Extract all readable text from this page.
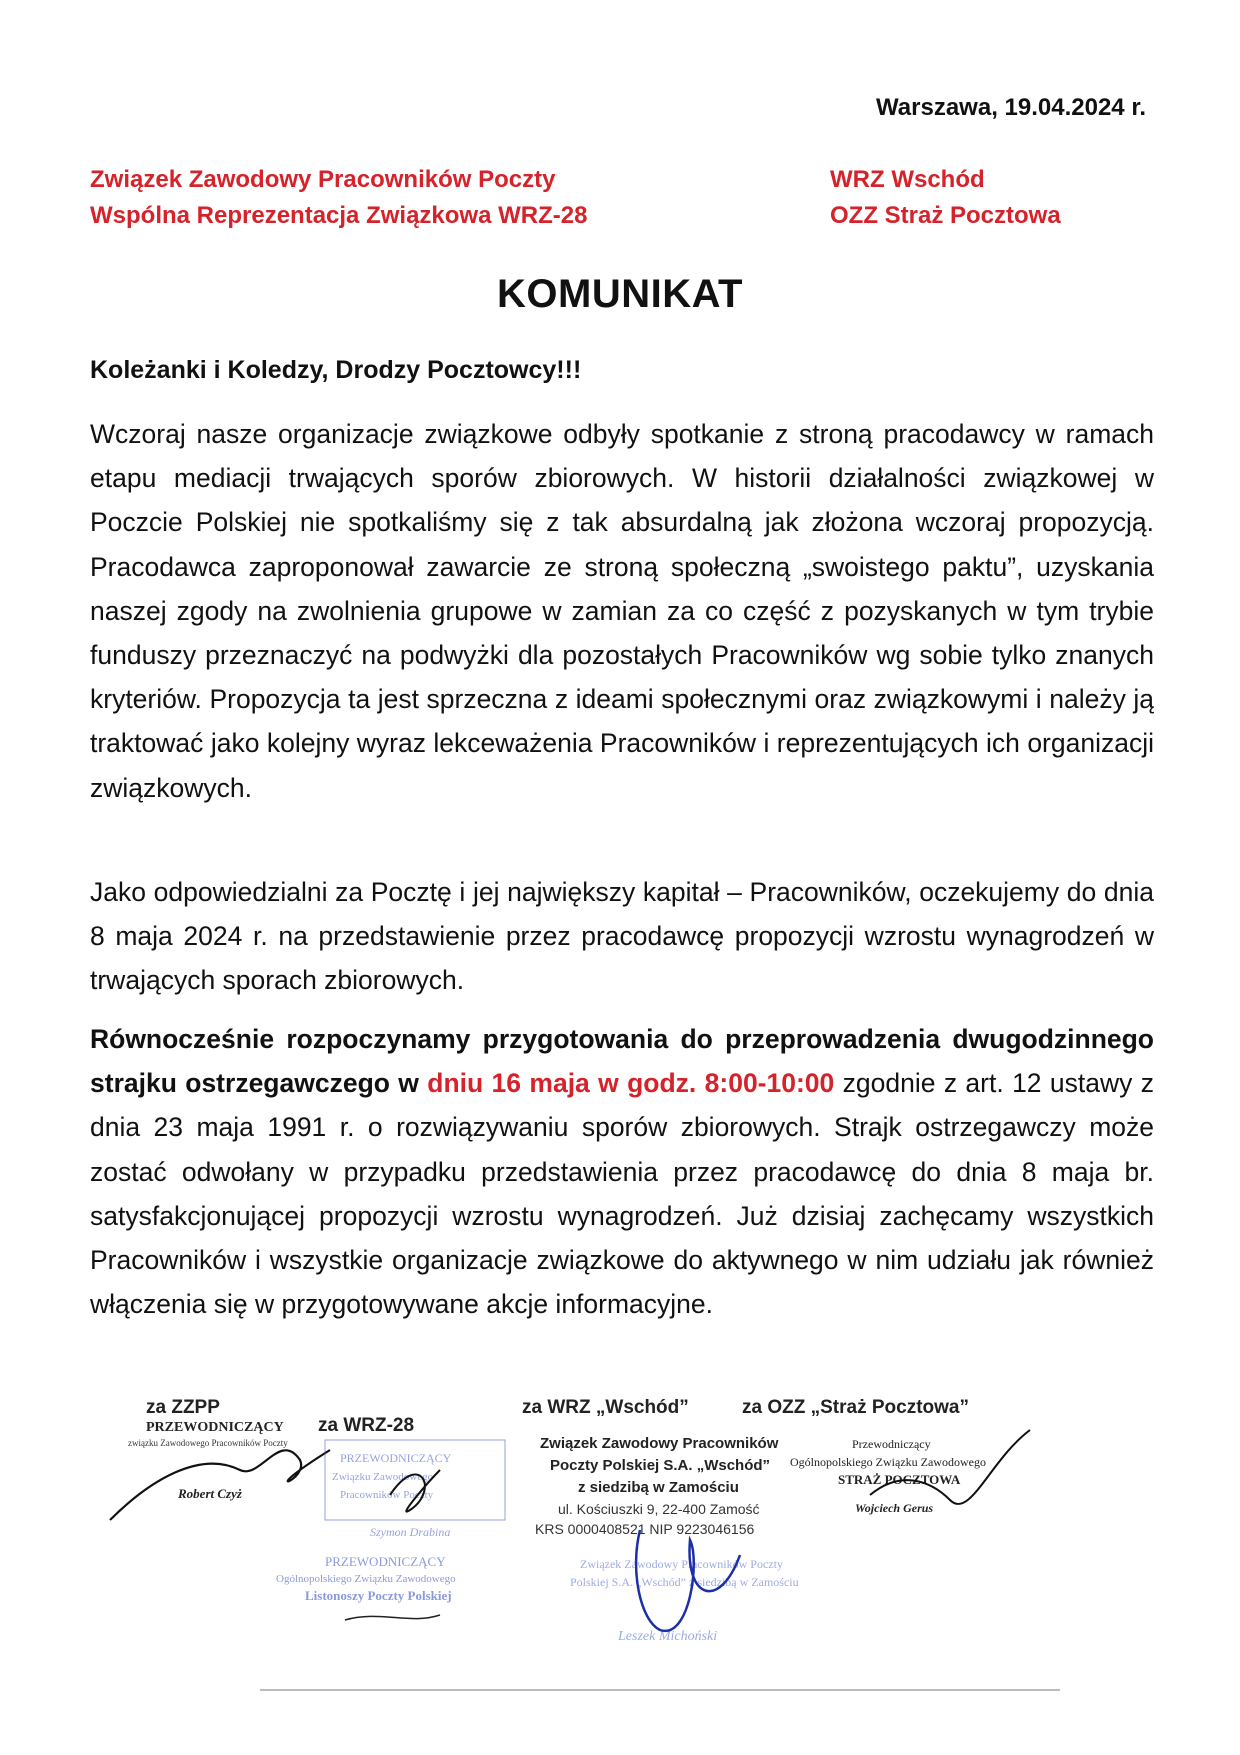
Warszawa, 19.04.2024 r.
Związek Zawodowy Pracowników Poczty
Wspólna Reprezentacja Związkowa WRZ-28
WRZ Wschód
OZZ Straż Pocztowa
KOMUNIKAT
Koleżanki i Koledzy, Drodzy Pocztowcy!!!
Wczoraj nasze organizacje związkowe odbyły spotkanie z stroną pracodawcy w ramach etapu mediacji trwających sporów zbiorowych. W historii działalności związkowej w Poczcie Polskiej nie spotkaliśmy się z tak absurdalną jak złożona wczoraj propozycją. Pracodawca zaproponował zawarcie ze stroną społeczną „swoistego paktu”, uzyskania naszej zgody na zwolnienia grupowe w zamian za co część z pozyskanych w tym trybie funduszy przeznaczyć na podwyżki dla pozostałych Pracowników wg sobie tylko znanych kryteriów. Propozycja ta jest sprzeczna z ideami społecznymi oraz związkowymi i należy ją traktować jako kolejny wyraz lekceważenia Pracowników i reprezentujących ich organizacji związkowych.
Jako odpowiedzialni za Pocztę i jej największy kapitał – Pracowników, oczekujemy do dnia 8 maja 2024 r. na przedstawienie przez pracodawcę propozycji wzrostu wynagrodzeń w trwających sporach zbiorowych.
Równocześnie rozpoczynamy przygotowania do przeprowadzenia dwugodzinnego strajku ostrzegawczego w dniu 16 maja w godz. 8:00-10:00 zgodnie z art. 12 ustawy z dnia 23 maja 1991 r. o rozwiązywaniu sporów zbiorowych. Strajk ostrzegawczy może zostać odwołany w przypadku przedstawienia przez pracodawcę do dnia 8 maja br. satysfakcjonującej propozycji wzrostu wynagrodzeń. Już dzisiaj zachęcamy wszystkich Pracowników i wszystkie organizacje związkowe do aktywnego w nim udziału jak również włączenia się w przygotowywane akcje informacyjne.
za ZZPP
PRZEWODNICZĄCY
związku Zawodowego Pracowników Poczty
Robert Czyż
za WRZ-28
PRZEWODNICZĄCY
Związku Zawodowego
Pracowników Poczty
Szymon Drabina
PRZEWODNICZĄCY
Ogólnopolskiego Związku Zawodowego
Listonoszy Poczty Polskiej
za WRZ „Wschód”
Związek Zawodowy Pracowników
Poczty Polskiej S.A. „Wschód”
z siedzibą w Zamościu
ul. Kościuszki 9, 22-400 Zamość
KRS 0000408521 NIP 9223046156
Związek Zawodowy Pracowników Poczty
Polskiej S.A. „Wschód” z siedzibą w Zamościu
Leszek Michoński
za OZZ „Straż Pocztowa”
Przewodniczący
Ogólnopolskiego Związku Zawodowego
STRAŻ POCZTOWA
Wojciech Gerus
